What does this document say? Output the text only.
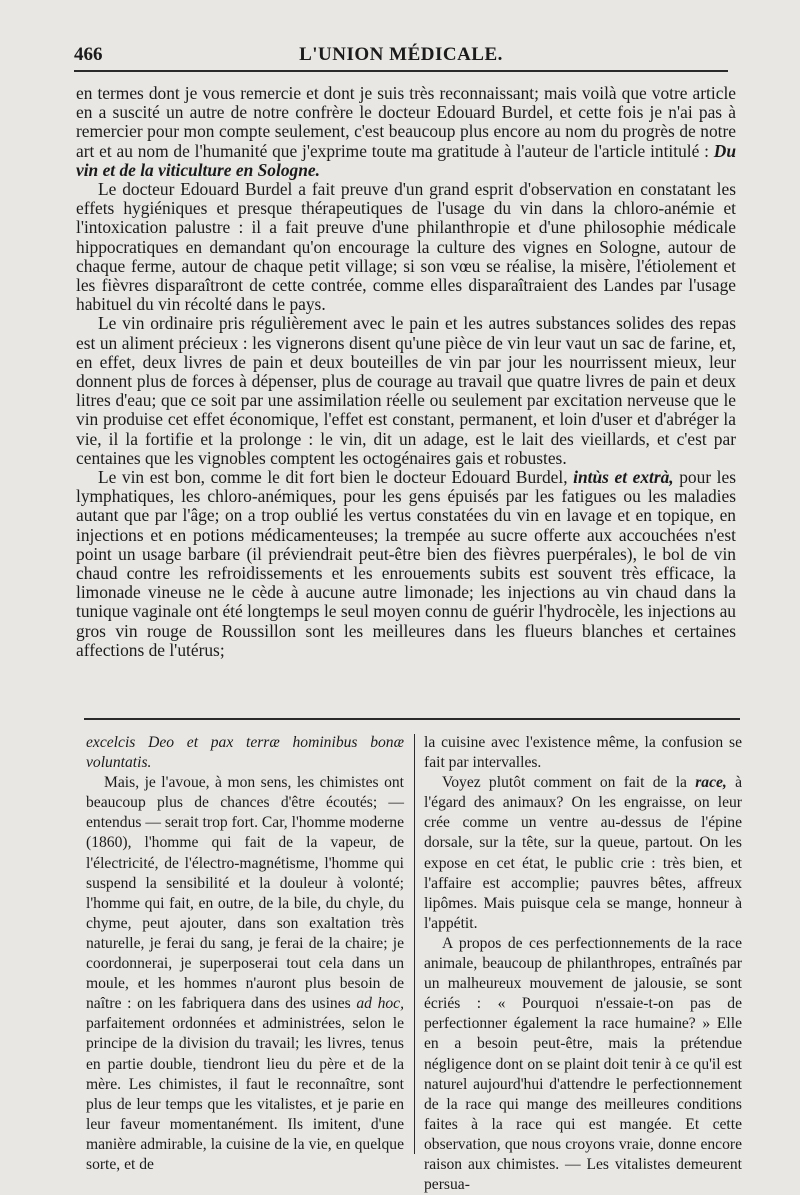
466	L'UNION MÉDICALE.

en termes dont je vous remercie et dont je suis très reconnaissant; mais voilà que votre article en a suscité un autre de notre confrère le docteur Edouard Burdel, et cette fois je n'ai pas à remercier pour mon compte seulement, c'est beaucoup plus encore au nom du progrès de notre art et au nom de l'humanité que j'exprime toute ma gratitude à l'auteur de l'article intitulé : Du vin et de la viticulture en Sologne.

Le docteur Edouard Burdel a fait preuve d'un grand esprit d'observation en constatant les effets hygiéniques et presque thérapeutiques de l'usage du vin dans la chloro-anémie et l'intoxication palustre : il a fait preuve d'une philanthropie et d'une philosophie médicale hippocratiques en demandant qu'on encourage la culture des vignes en Sologne, autour de chaque ferme, autour de chaque petit village; si son vœu se réalise, la misère, l'étiolement et les fièvres disparaîtront de cette contrée, comme elles disparaîtraient des Landes par l'usage habituel du vin récolté dans le pays.

Le vin ordinaire pris régulièrement avec le pain et les autres substances solides des repas est un aliment précieux : les vignerons disent qu'une pièce de vin leur vaut un sac de farine, et, en effet, deux livres de pain et deux bouteilles de vin par jour les nourrissent mieux, leur donnent plus de forces à dépenser, plus de courage au travail que quatre livres de pain et deux litres d'eau; que ce soit par une assimilation réelle ou seulement par excitation nerveuse que le vin produise cet effet économique, l'effet est constant, permanent, et loin d'user et d'abréger la vie, il la fortifie et la prolonge : le vin, dit un adage, est le lait des vieillards, et c'est par centaines que les vignobles comptent les octogénaires gais et robustes.

Le vin est bon, comme le dit fort bien le docteur Edouard Burdel, intùs et extrà, pour les lymphatiques, les chloro-anémiques, pour les gens épuisés par les fatigues ou les maladies autant que par l'âge; on a trop oublié les vertus constatées du vin en lavage et en topique, en injections et en potions médicamenteuses; la trempée au sucre offerte aux accouchées n'est point un usage barbare (il préviendrait peut-être bien des fièvres puerpérales), le bol de vin chaud contre les refroidissements et les enrouements subits est souvent très efficace, la limonade vineuse ne le cède à aucune autre limonade; les injections au vin chaud dans la tunique vaginale ont été longtemps le seul moyen connu de guérir l'hydrocèle, les injections au gros vin rouge de Roussillon sont les meilleures dans les flueurs blanches et certaines affections de l'utérus;

excelcis Deo et pax terræ hominibus bonæ voluntatis.

Mais, je l'avoue, à mon sens, les chimistes ont beaucoup plus de chances d'être écoutés; — entendus — serait trop fort. Car, l'homme moderne (1860), l'homme qui fait de la vapeur, de l'électricité, de l'électro-magnétisme, l'homme qui suspend la sensibilité et la douleur à volonté; l'homme qui fait, en outre, de la bile, du chyle, du chyme, peut ajouter, dans son exaltation très naturelle, je ferai du sang, je ferai de la chaire; je coordonnerai, je superposerai tout cela dans un moule, et les hommes n'auront plus besoin de naître : on les fabriquera dans des usines ad hoc, parfaitement ordonnées et administrées, selon le principe de la division du travail; les livres, tenus en partie double, tiendront lieu du père et de la mère. Les chimistes, il faut le reconnaître, sont plus de leur temps que les vitalistes, et je parie en leur faveur momentanément. Ils imitent, d'une manière admirable, la cuisine de la vie, en quelque sorte, et de

la cuisine avec l'existence même, la confusion se fait par intervalles.

Voyez plutôt comment on fait de la race, à l'égard des animaux? On les engraisse, on leur crée comme un ventre au-dessus de l'épine dorsale, sur la tête, sur la queue, partout. On les expose en cet état, le public crie : très bien, et l'affaire est accomplie; pauvres bêtes, affreux lipômes. Mais puisque cela se mange, honneur à l'appétit.

A propos de ces perfectionnements de la race animale, beaucoup de philanthropes, entraînés par un malheureux mouvement de jalousie, se sont écriés : « Pourquoi n'essaie-t-on pas de perfectionner également la race humaine? » Elle en a besoin peut-être, mais la prétendue négligence dont on se plaint doit tenir à ce qu'il est naturel aujourd'hui d'attendre le perfectionnement de la race qui mange des meilleures conditions faites à la race qui est mangée. Et cette observation, que nous croyons vraie, donne encore raison aux chimistes. — Les vitalistes demeurent persua-
